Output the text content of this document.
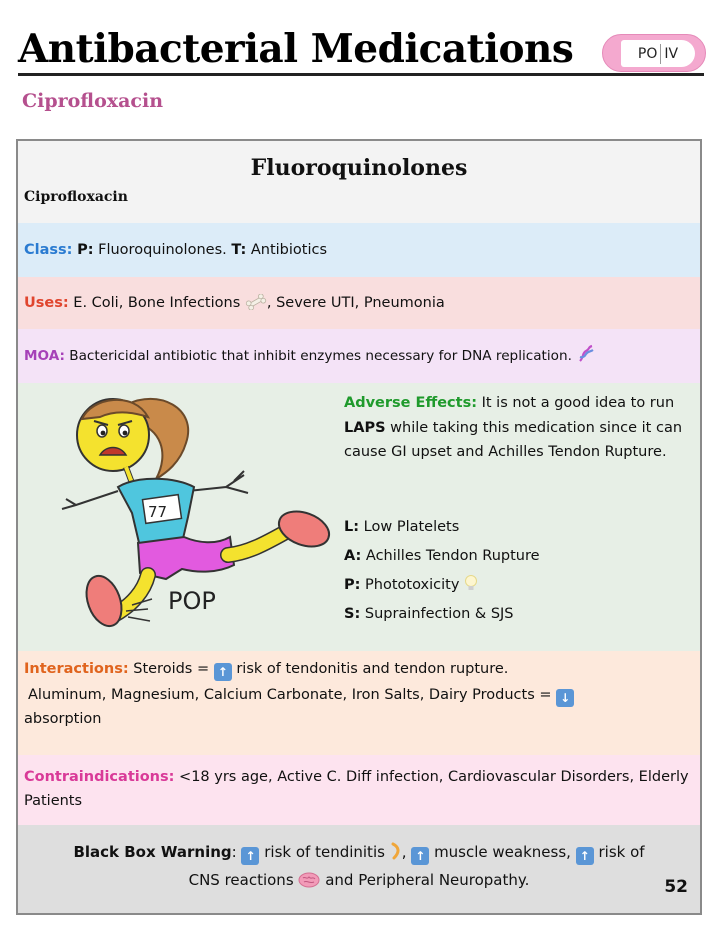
Antibacterial Medications	PO IV
Ciprofloxacin
Fluoroquinolones
Ciprofloxacin
Class: P: Fluoroquinolones. T: Antibiotics
Uses: E. Coli, Bone Infections , Severe UTI, Pneumonia
MOA: Bactericidal antibiotic that inhibit enzymes necessary for DNA replication.
77
POP
Adverse Effects: It is not a good idea to run LAPS while taking this medication since it can cause GI upset and Achilles Tendon Rupture.
L: Low Platelets
A: Achilles Tendon Rupture
P: Phototoxicity
S: Suprainfection & SJS
Interactions: Steroids = ↑ risk of tendonitis and tendon rupture.
Aluminum, Magnesium, Calcium Carbonate, Iron Salts, Dairy Products = ↓
absorption
Contraindications: <18 yrs age, Active C. Diff infection, Cardiovascular Disorders, Elderly Patients
Black Box Warning: ↑ risk of tendinitis , ↑ muscle weakness, ↑ risk of
CNS reactions and Peripheral Neuropathy.	52
